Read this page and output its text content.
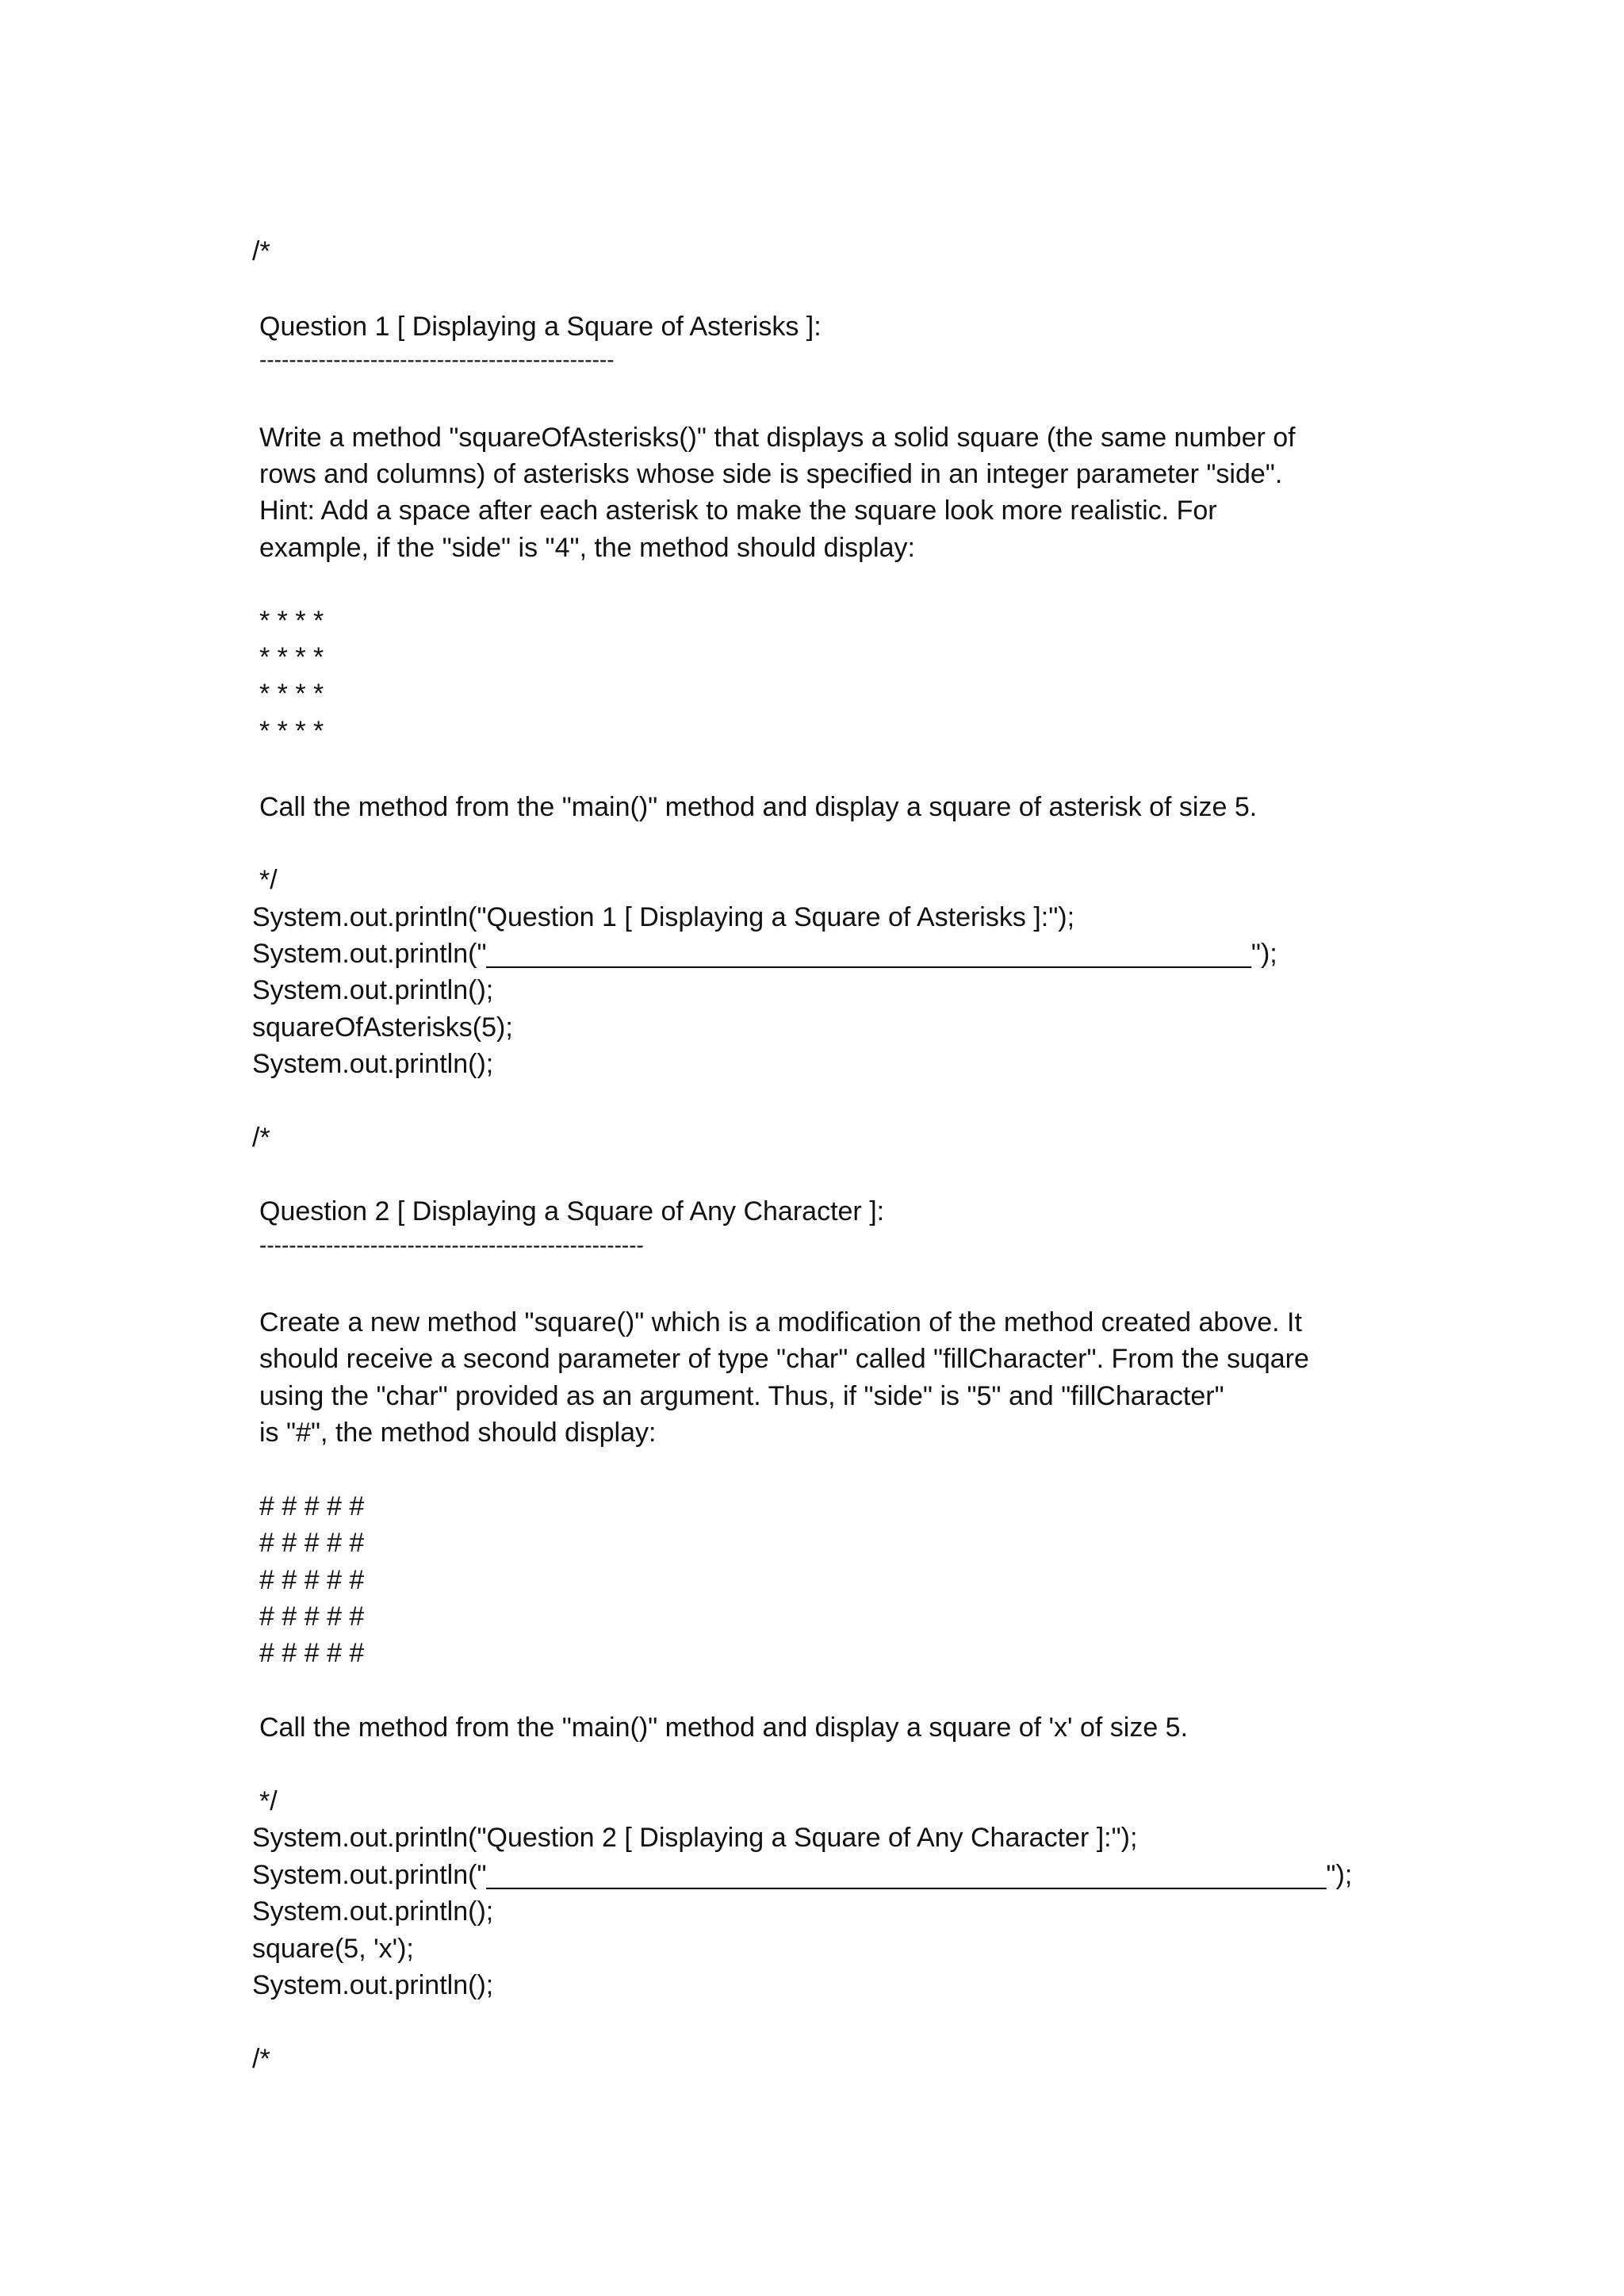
/*
Question 1 [ Displaying a Square of Asterisks ]:
------------------------------------------------
Write a method "squareOfAsterisks()" that displays a solid square (the same number of
rows and columns) of asterisks whose side is specified in an integer parameter "side".
Hint: Add a space after each asterisk to make the square look more realistic. For
example, if the "side" is "4", the method should display:
* * * *
* * * *
* * * *
* * * *
Call the method from the "main()" method and display a square of asterisk of size 5.
*/
System.out.println("Question 1 [ Displaying a Square of Asterisks ]:");
System.out.println("___________________________________________________");
System.out.println();
squareOfAsterisks(5);
System.out.println();
/*
Question 2 [ Displaying a Square of Any Character ]:
----------------------------------------------------
Create a new method "square()" which is a modification of the method created above. It
should receive a second parameter of type "char" called "fillCharacter". From the suqare
using the "char" provided as an argument. Thus, if "side" is "5" and "fillCharacter"
is "#", the method should display:
# # # # #
# # # # #
# # # # #
# # # # #
# # # # #
Call the method from the "main()" method and display a square of 'x' of size 5.
*/
System.out.println("Question 2 [ Displaying a Square of Any Character ]:");
System.out.println("________________________________________________________");
System.out.println();
square(5, 'x');
System.out.println();
/*
